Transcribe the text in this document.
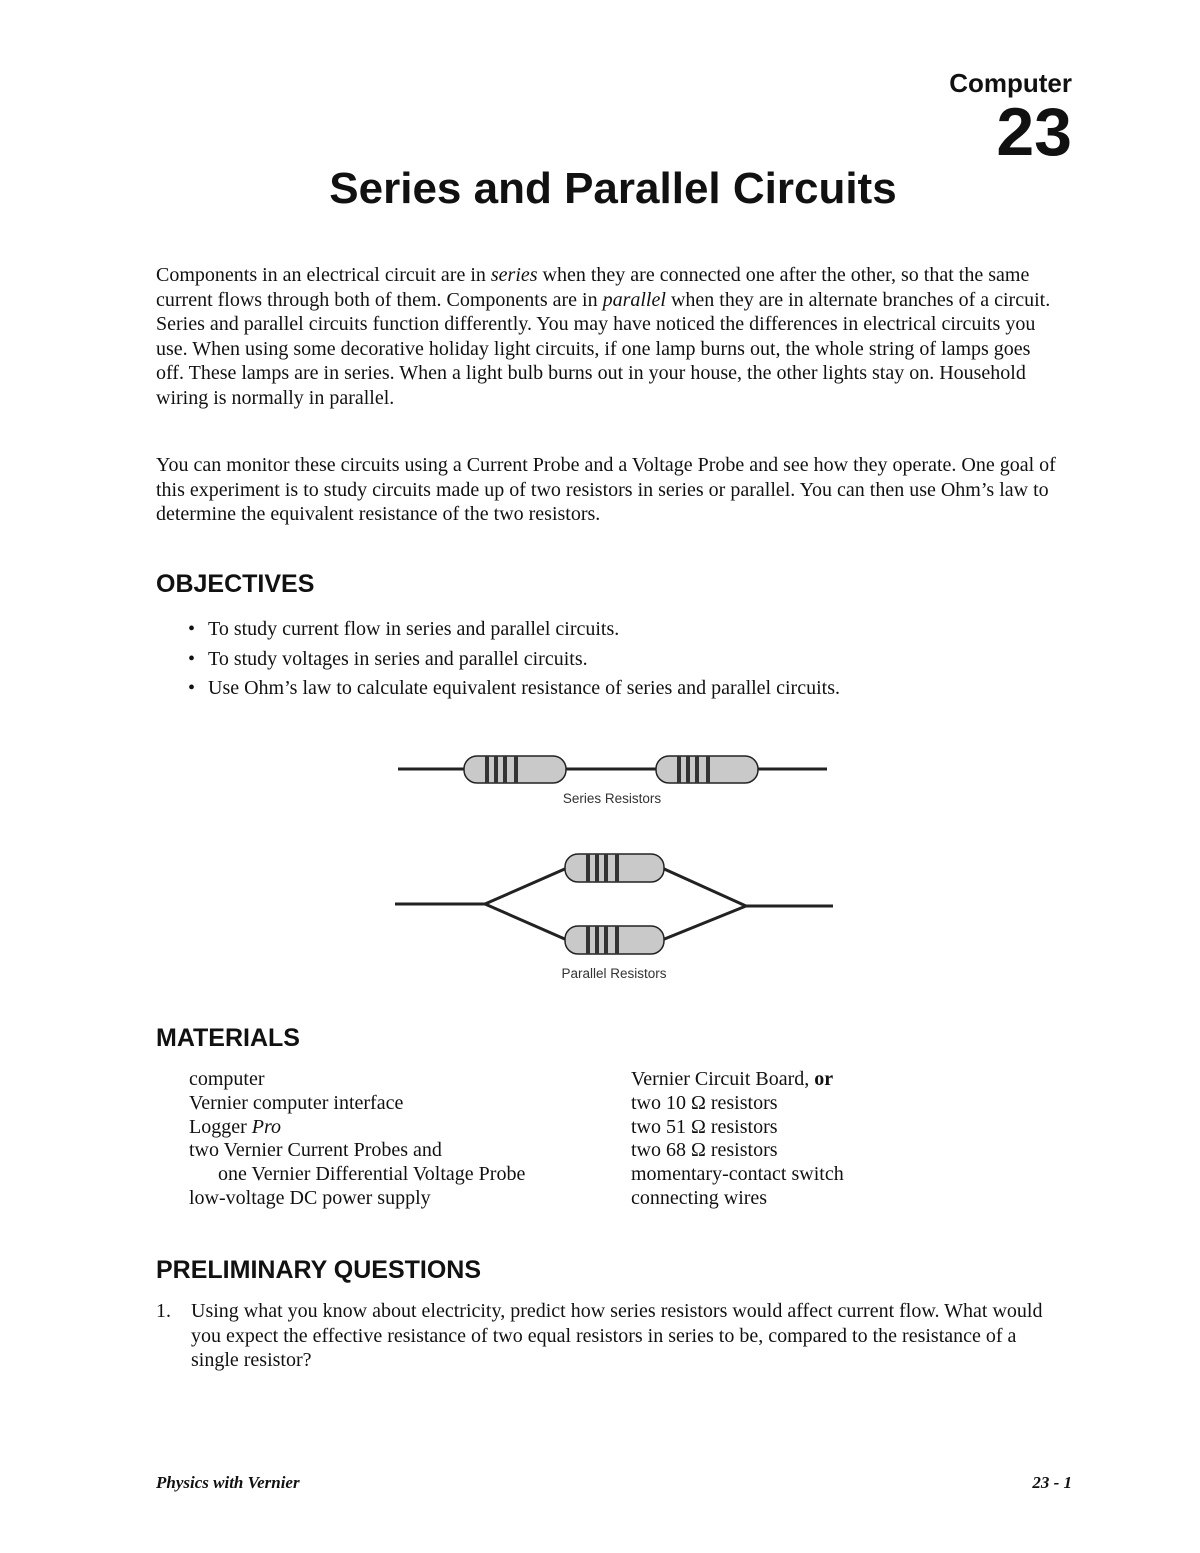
Computer
23
Series and Parallel Circuits

Components in an electrical circuit are in series when they are connected one after the other, so that the same current flows through both of them. Components are in parallel when they are in alternate branches of a circuit. Series and parallel circuits function differently. You may have noticed the differences in electrical circuits you use. When using some decorative holiday light circuits, if one lamp burns out, the whole string of lamps goes off. These lamps are in series. When a light bulb burns out in your house, the other lights stay on. Household wiring is normally in parallel.

You can monitor these circuits using a Current Probe and a Voltage Probe and see how they operate. One goal of this experiment is to study circuits made up of two resistors in series or parallel. You can then use Ohm’s law to determine the equivalent resistance of the two resistors.

OBJECTIVES
• To study current flow in series and parallel circuits.
• To study voltages in series and parallel circuits.
• Use Ohm’s law to calculate equivalent resistance of series and parallel circuits.
Series Resistors
Parallel Resistors
MATERIALS
computer
Vernier computer interface
Logger Pro
two Vernier Current Probes and
one Vernier Differential Voltage Probe
low-voltage DC power supply
Vernier Circuit Board, or
two 10 Ω resistors
two 51 Ω resistors
two 68 Ω resistors
momentary-contact switch
connecting wires
PRELIMINARY QUESTIONS
1. Using what you know about electricity, predict how series resistors would affect current flow. What would you expect the effective resistance of two equal resistors in series to be, compared to the resistance of a single resistor?
Physics with Vernier	23 - 1
